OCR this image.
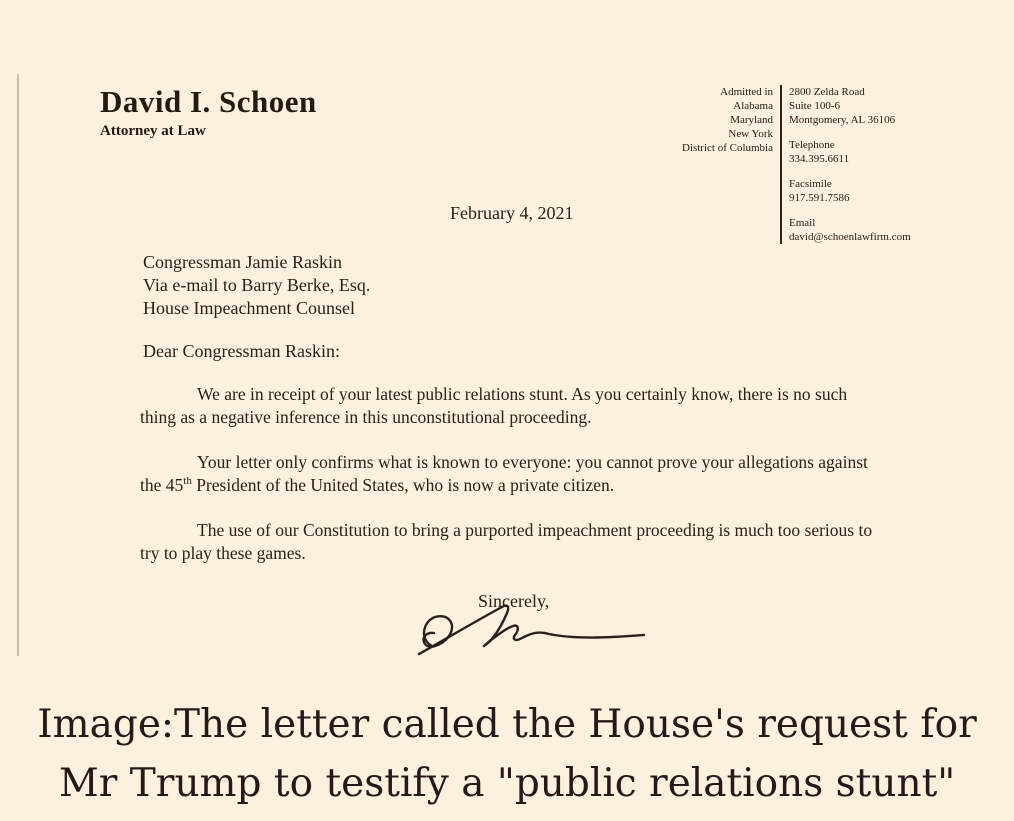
David I. Schoen
Attorney at Law
Admitted in
Alabama
Maryland
New York
District of Columbia
2800 Zelda Road
Suite 100-6
Montgomery, AL 36106
Telephone
334.395.6611
Facsimile
917.591.7586
Email
david@schoenlawfirm.com
February 4, 2021
Congressman Jamie Raskin
Via e-mail to Barry Berke, Esq.
House Impeachment Counsel
Dear Congressman Raskin:

We are in receipt of your latest public relations stunt. As you certainly know, there is no such thing as a negative inference in this unconstitutional proceeding.

Your letter only confirms what is known to everyone: you cannot prove your allegations against the 45th President of the United States, who is now a private citizen.

The use of our Constitution to bring a purported impeachment proceeding is much too serious to try to play these games.

Sincerely,
Image:The letter called the House's request for
Mr Trump to testify a "public relations stunt"
